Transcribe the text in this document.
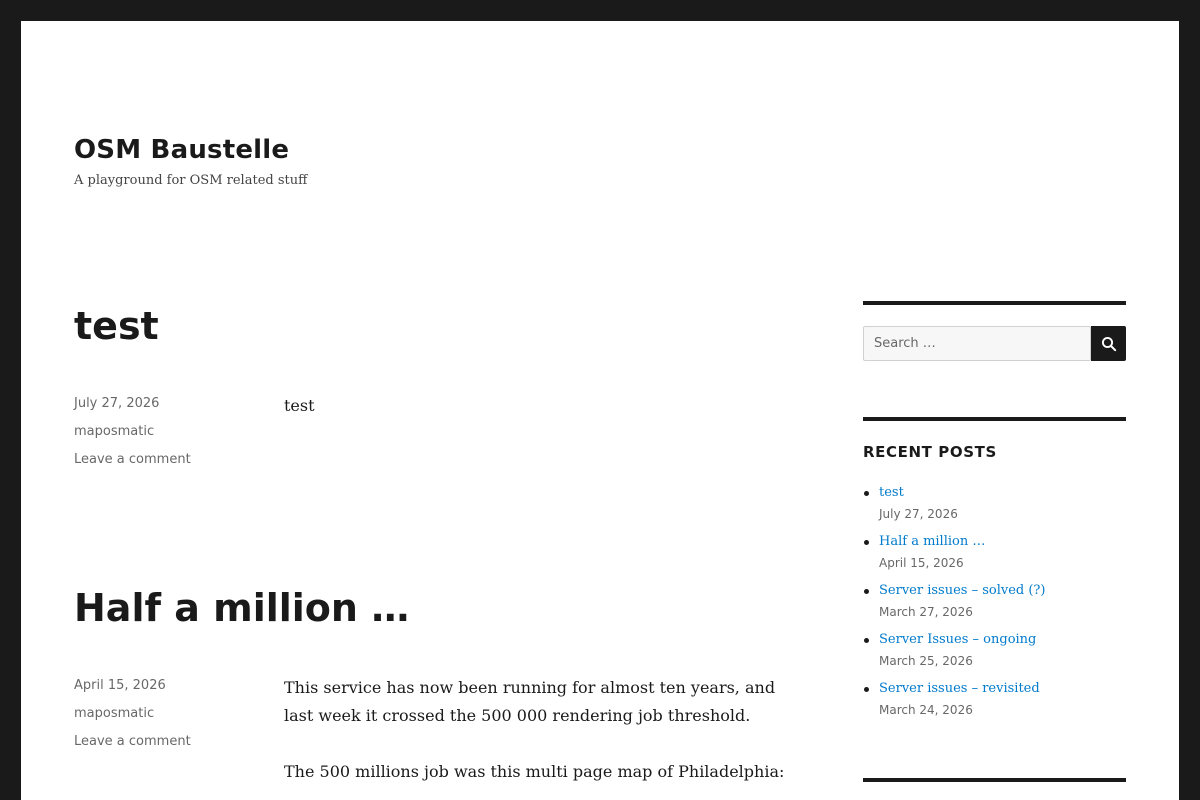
OSM Baustelle

A playground for OSM related stuff

test
July 27, 2026
maposmatic
Leave a comment

test

Half a million …
April 15, 2026
maposmatic
Leave a comment

This service has now been running for almost ten years, and last week it crossed the 500 000 rendering job threshold.

The 500 millions job was this multi page map of Philadelphia:

Search …
RECENT POSTS
test
July 27, 2026
Half a million …
April 15, 2026
Server issues – solved (?)
March 27, 2026
Server Issues – ongoing
March 25, 2026
Server issues – revisited
March 24, 2026
